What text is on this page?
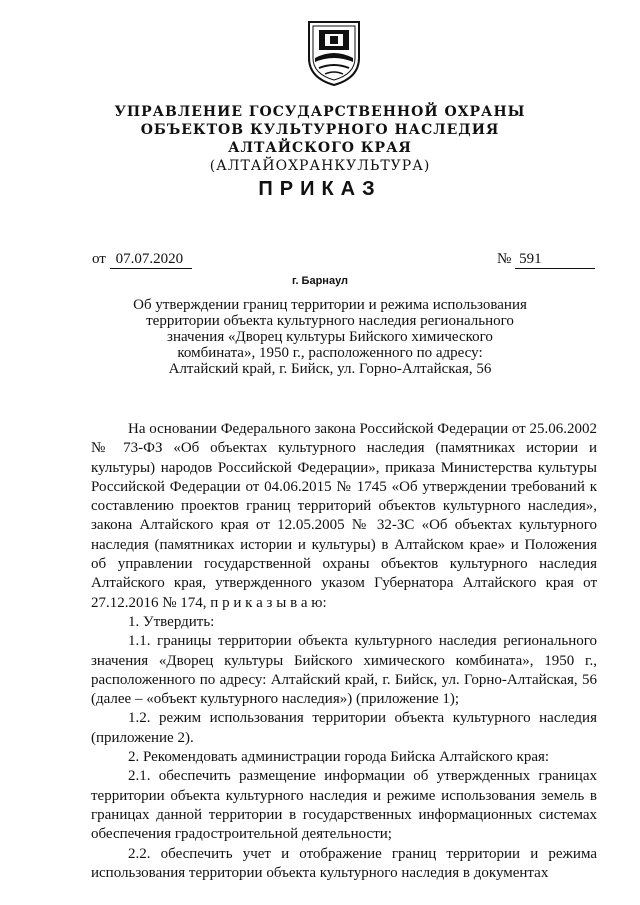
УПРАВЛЕНИЕ ГОСУДАРСТВЕННОЙ ОХРАНЫ
ОБЪЕКТОВ КУЛЬТУРНОГО НАСЛЕДИЯ
АЛТАЙСКОГО КРАЯ
(АЛТАЙОХРАНКУЛЬТУРА)
ПРИКАЗ
от 07.07.2020	№ 591
г. Барнаул
Об утверждении границ территории и режима использования
территории объекта культурного наследия регионального
значения «Дворец культуры Бийского химического
комбината», 1950 г., расположенного по адресу:
Алтайский край, г. Бийск, ул. Горно-Алтайская, 56

На основании Федерального закона Российской Федерации от 25.06.2002 № 73-ФЗ «Об объектах культурного наследия (памятниках истории и культуры) народов Российской Федерации», приказа Министерства культуры Российской Федерации от 04.06.2015 № 1745 «Об утверждении требований к составлению проектов границ территорий объектов культурного наследия», закона Алтайского края от 12.05.2005 № 32-ЗС «Об объектах культурного наследия (памятниках истории и культуры) в Алтайском крае» и Положения об управлении государственной охраны объектов культурного наследия Алтайского края, утвержденного указом Губернатора Алтайского края от 27.12.2016 № 174, п р и к а з ы в а ю:

1. Утвердить:

1.1. границы территории объекта культурного наследия регионального значения «Дворец культуры Бийского химического комбината», 1950 г., расположенного по адресу: Алтайский край, г. Бийск, ул. Горно-Алтайская, 56 (далее – «объект культурного наследия») (приложение 1);

1.2. режим использования территории объекта культурного наследия (приложение 2).

2. Рекомендовать администрации города Бийска Алтайского края:

2.1. обеспечить размещение информации об утвержденных границах территории объекта культурного наследия и режиме использования земель в границах данной территории в государственных информационных системах обеспечения градостроительной деятельности;

2.2. обеспечить учет и отображение границ территории и режима использования территории объекта культурного наследия в документах
